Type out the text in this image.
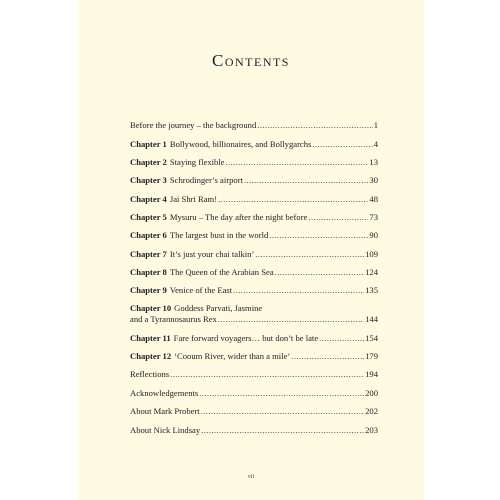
Contents
Before the journey – the background .....	1
Chapter 1 Bollywood, billionaires, and Bollygarchs .....	4
Chapter 2 Staying flexible .....	13
Chapter 3 Schrodinger’s airport .....	30
Chapter 4 Jai Shri Ram! .....	48
Chapter 5 Mysuru – The day after the night before .....	73
Chapter 6 The largest bust in the world .....	90
Chapter 7 It’s just your chai talkin’ .....	109
Chapter 8 The Queen of the Arabian Sea .....	124
Chapter 9 Venice of the East .....	135
Chapter 10 Goddess Parvati, Jasmine
and a Tyrannosaurus Rex .....	144
Chapter 11 Fare forward voyagers… but don’t be late .....	154
Chapter 12 ‘Cooum River, wider than a mile’ .....	179
Reflections .....	194
Acknowledgements .....	200
About Mark Probert .....	202
About Nick Lindsay .....	203
vii
